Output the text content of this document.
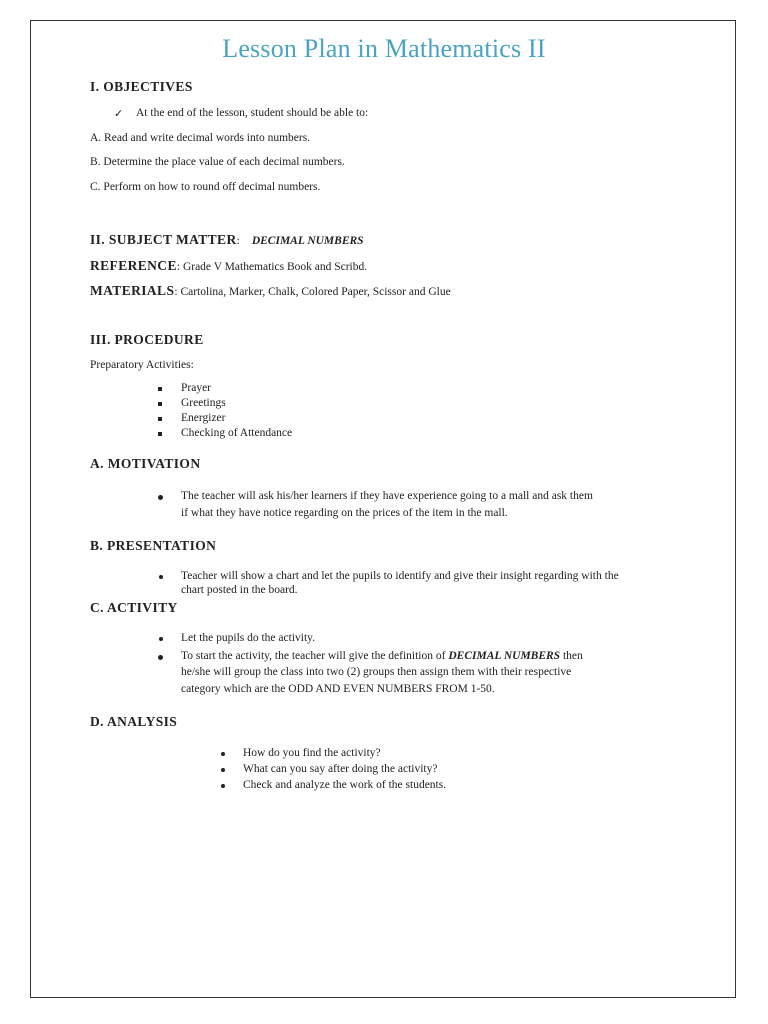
Lesson Plan in Mathematics II
I. OBJECTIVES
✓ At the end of the lesson, student should be able to:
A. Read and write decimal words into numbers.
B. Determine the place value of each decimal numbers.
C. Perform on how to round off decimal numbers.
II. SUBJECT MATTER: DECIMAL NUMBERS
REFERENCE: Grade V Mathematics Book and Scribd.
MATERIALS: Cartolina, Marker, Chalk, Colored Paper, Scissor and Glue
III. PROCEDURE
Preparatory Activities:
Prayer
Greetings
Energizer
Checking of Attendance
A. MOTIVATION
The teacher will ask his/her learners if they have experience going to a mall and ask them
if what they have notice regarding on the prices of the item in the mall.
B. PRESENTATION
Teacher will show a chart and let the pupils to identify and give their insight regarding with the
chart posted in the board.
C. ACTIVITY
Let the pupils do the activity.
To start the activity, the teacher will give the definition of DECIMAL NUMBERS then
he/she will group the class into two (2) groups then assign them with their respective
category which are the ODD AND EVEN NUMBERS FROM 1-50.
D. ANALYSIS
How do you find the activity?
What can you say after doing the activity?
Check and analyze the work of the students.
